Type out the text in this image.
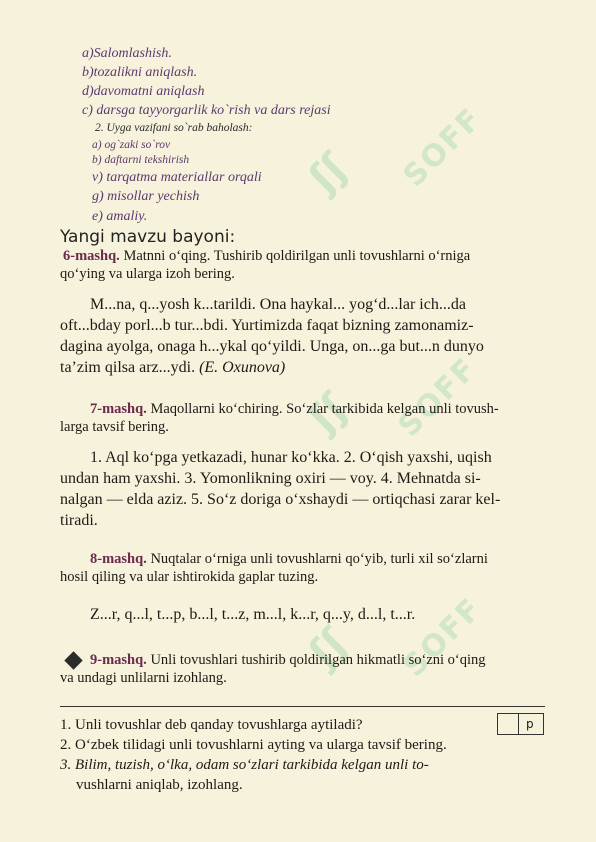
ʃʃ SOFF
ʃʃ SOFF
ʃʃ SOFF
a)Salomlashish.
b)tozalikni aniqlash.
d)davomatni aniqlash
c) darsga tayyorgarlik ko`rish va dars rejasi
2. Uyga vazifani so`rab baholash:
a) og`zaki so`rov
b) daftarni tekshirish
v) tarqatma materiallar orqali
g) misollar yechish
e) amaliy.
Yangi mavzu bayoni:
6-mashq. Matnni o‘qing. Tushirib qoldirilgan unli tovushlarni o‘rniga
qo‘ying va ularga izoh bering.
M...na, q...yosh k...tarildi. Ona haykal... yog‘d...lar ich...da
oft...bday porl...b tur...bdi. Yurtimizda faqat bizning zamonamiz-
dagina ayolga, onaga h...ykal qo‘yildi. Unga, on...ga but...n dunyo
ta’zim qilsa arz...ydi. (E. Oxunova)
7-mashq. Maqollarni ko‘chiring. So‘zlar tarkibida kelgan unli tovush-
larga tavsif bering.
1. Aql ko‘pga yetkazadi, hunar ko‘kka. 2. O‘qish yaxshi, uqish
undan ham yaxshi. 3. Yomonlikning oxiri — voy. 4. Mehnatda si-
nalgan — elda aziz. 5. So‘z doriga o‘xshaydi — ortiqchasi zarar kel-
tiradi.
8-mashq. Nuqtalar o‘rniga unli tovushlarni qo‘yib, turli xil so‘zlarni
hosil qiling va ular ishtirokida gaplar tuzing.
Z...r, q...l, t...p, b...l, t...z, m...l, k...r, q...y, d...l, t...r.
9-mashq. Unli tovushlari tushirib qoldirilgan hikmatli so‘zni o‘qing
va undagi unlilarni izohlang.
p
1. Unli tovushlar deb qanday tovushlarga aytiladi?
2. O‘zbek tilidagi unli tovushlarni ayting va ularga tavsif bering.
3. Bilim, tuzish, o‘lka, odam so‘zlari tarkibida kelgan unli to-
vushlarni aniqlab, izohlang.
